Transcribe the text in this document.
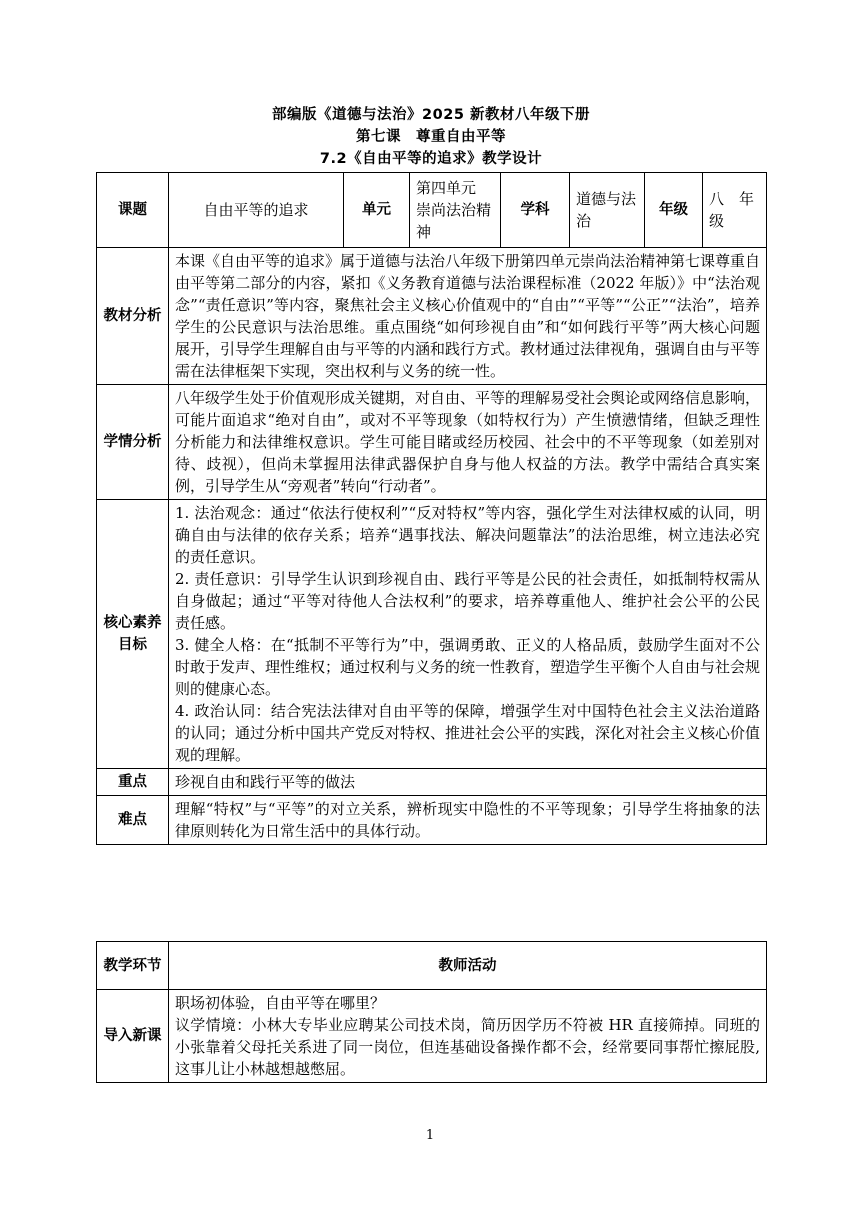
部编版《道德与法治》2025 新教材八年级下册
第七课　尊重自由平等
7.2《自由平等的追求》教学设计
课题	自由平等的追求	单元	第四单元　崇尚法治精神	学科	道德与法治	年级	八　年级
教材分析	本课《自由平等的追求》属于道德与法治八年级下册第四单元崇尚法治精神第七课尊重自由平等第二部分的内容，紧扣《义务教育道德与法治课程标准（2022 年版）》中“法治观念”“责任意识”等内容，聚焦社会主义核心价值观中的“自由”“平等”“公正”“法治”，培养学生的公民意识与法治思维。重点围绕“如何珍视自由”和“如何践行平等”两大核心问题展开，引导学生理解自由与平等的内涵和践行方式。教材通过法律视角，强调自由与平等需在法律框架下实现，突出权利与义务的统一性。						
学情分析	八年级学生处于价值观形成关键期，对自由、平等的理解易受社会舆论或网络信息影响，可能片面追求“绝对自由”，或对不平等现象（如特权行为）产生愤懑情绪，但缺乏理性分析能力和法律维权意识。学生可能目睹或经历校园、社会中的不平等现象（如差别对待、歧视），但尚未掌握用法律武器保护自身与他人权益的方法。教学中需结合真实案例，引导学生从“旁观者”转向“行动者”。						
核心素养目标	1. 法治观念：通过“依法行使权利”“反对特权”等内容，强化学生对法律权威的认同，明确自由与法律的依存关系；培养“遇事找法、解决问题靠法”的法治思维，树立违法必究的责任意识。
2. 责任意识：引导学生认识到珍视自由、践行平等是公民的社会责任，如抵制特权需从自身做起；通过“平等对待他人合法权利”的要求，培养尊重他人、维护社会公平的公民责任感。
3. 健全人格：在“抵制不平等行为”中，强调勇敢、正义的人格品质，鼓励学生面对不公时敢于发声、理性维权；通过权利与义务的统一性教育，塑造学生平衡个人自由与社会规则的健康心态。
4. 政治认同：结合宪法法律对自由平等的保障，增强学生对中国特色社会主义法治道路的认同；通过分析中国共产党反对特权、推进社会公平的实践，深化对社会主义核心价值观的理解。						

重点	珍视自由和践行平等的做法						
难点	理解“特权”与“平等”的对立关系，辨析现实中隐性的不平等现象；引导学生将抽象的法律原则转化为日常生活中的具体行动。						
教学环节	教师活动
导入新课	职场初体验，自由平等在哪里？
议学情境：小林大专毕业应聘某公司技术岗，简历因学历不符被 HR 直接筛掉。同班的小张靠着父母托关系进了同一岗位，但连基础设备操作都不会，经常要同事帮忙擦屁股,这事儿让小林越想越憋屈。
1
